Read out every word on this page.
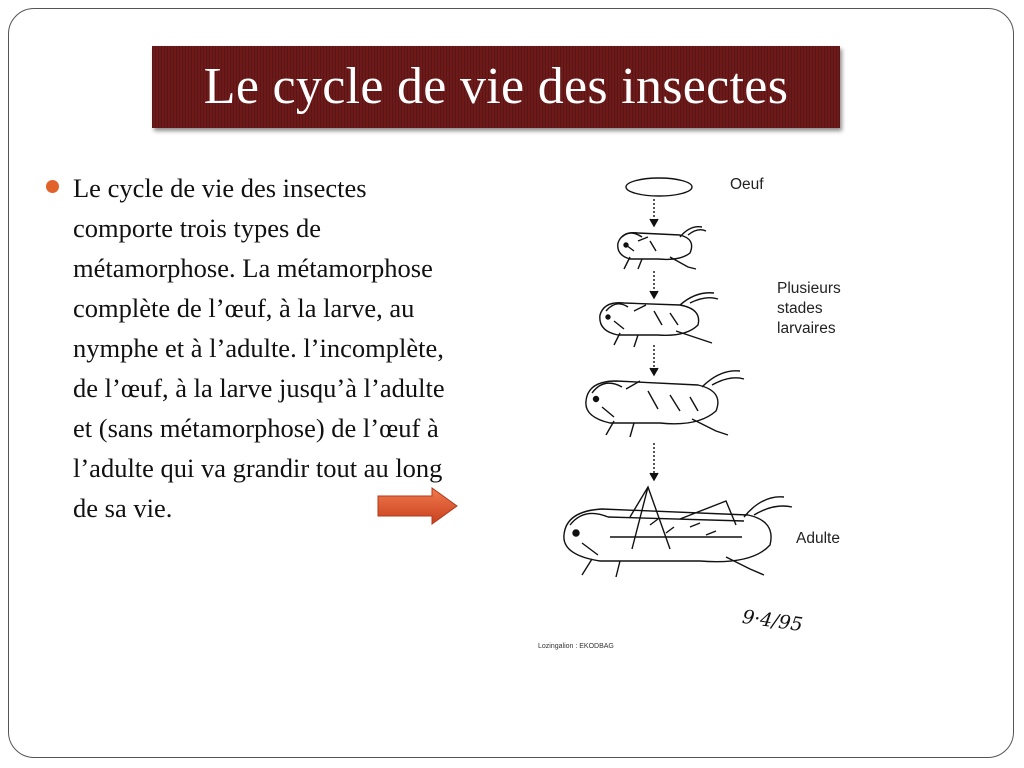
Le cycle de vie des insectes

Le cycle de vie des insectes comporte trois types de métamorphose. La métamorphose complète de l’œuf, à la larve, au nymphe et à l’adulte. l’incomplète, de l’œuf, à la larve jusqu’à l’adulte et (sans métamorphose) de l’œuf à l’adulte qui va grandir tout au long de sa vie.

Oeuf
Plusieurs
stades
larvaires
Adulte
9·4/95
Lozingalion : EKODBAG
